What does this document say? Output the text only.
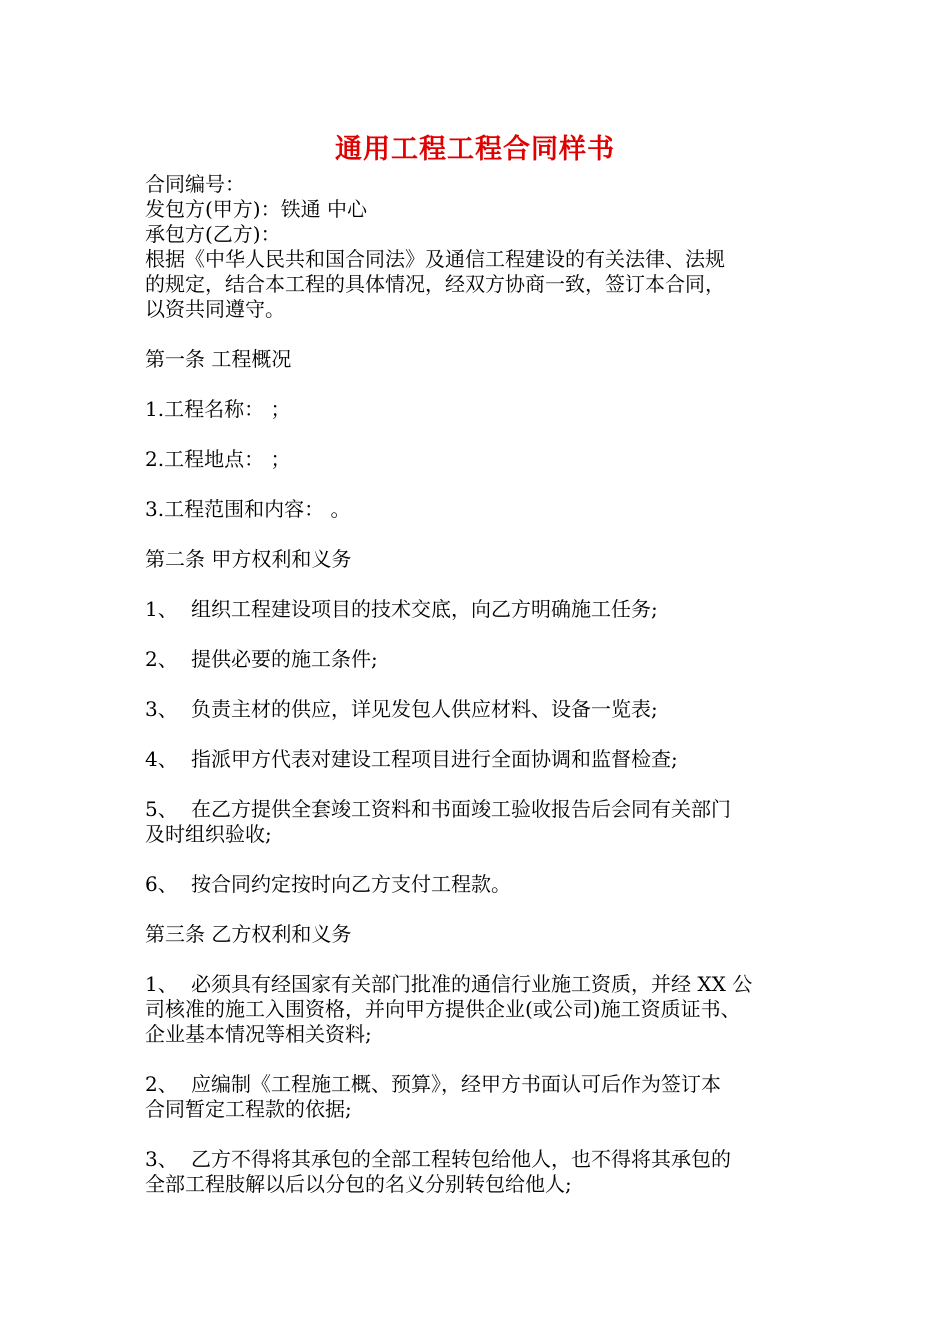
通用工程工程合同样书
合同编号：
发包方(甲方)：铁通 中心
承包方(乙方)：
根据《中华人民共和国合同法》及通信工程建设的有关法律、法规
的规定，结合本工程的具体情况，经双方协商一致，签订本合同，
以资共同遵守。
第一条 工程概况
1.工程名称： ；
2.工程地点： ；
3.工程范围和内容： 。
第二条 甲方权利和义务
1、 组织工程建设项目的技术交底，向乙方明确施工任务;
2、 提供必要的施工条件;
3、 负责主材的供应，详见发包人供应材料、设备一览表;
4、 指派甲方代表对建设工程项目进行全面协调和监督检查;
5、 在乙方提供全套竣工资料和书面竣工验收报告后会同有关部门
及时组织验收;
6、 按合同约定按时向乙方支付工程款。
第三条 乙方权利和义务
1、 必须具有经国家有关部门批准的通信行业施工资质，并经 XX 公
司核准的施工入围资格，并向甲方提供企业(或公司)施工资质证书、
企业基本情况等相关资料;
2、 应编制《工程施工概、预算》，经甲方书面认可后作为签订本
合同暂定工程款的依据;
3、 乙方不得将其承包的全部工程转包给他人，也不得将其承包的
全部工程肢解以后以分包的名义分别转包给他人;
